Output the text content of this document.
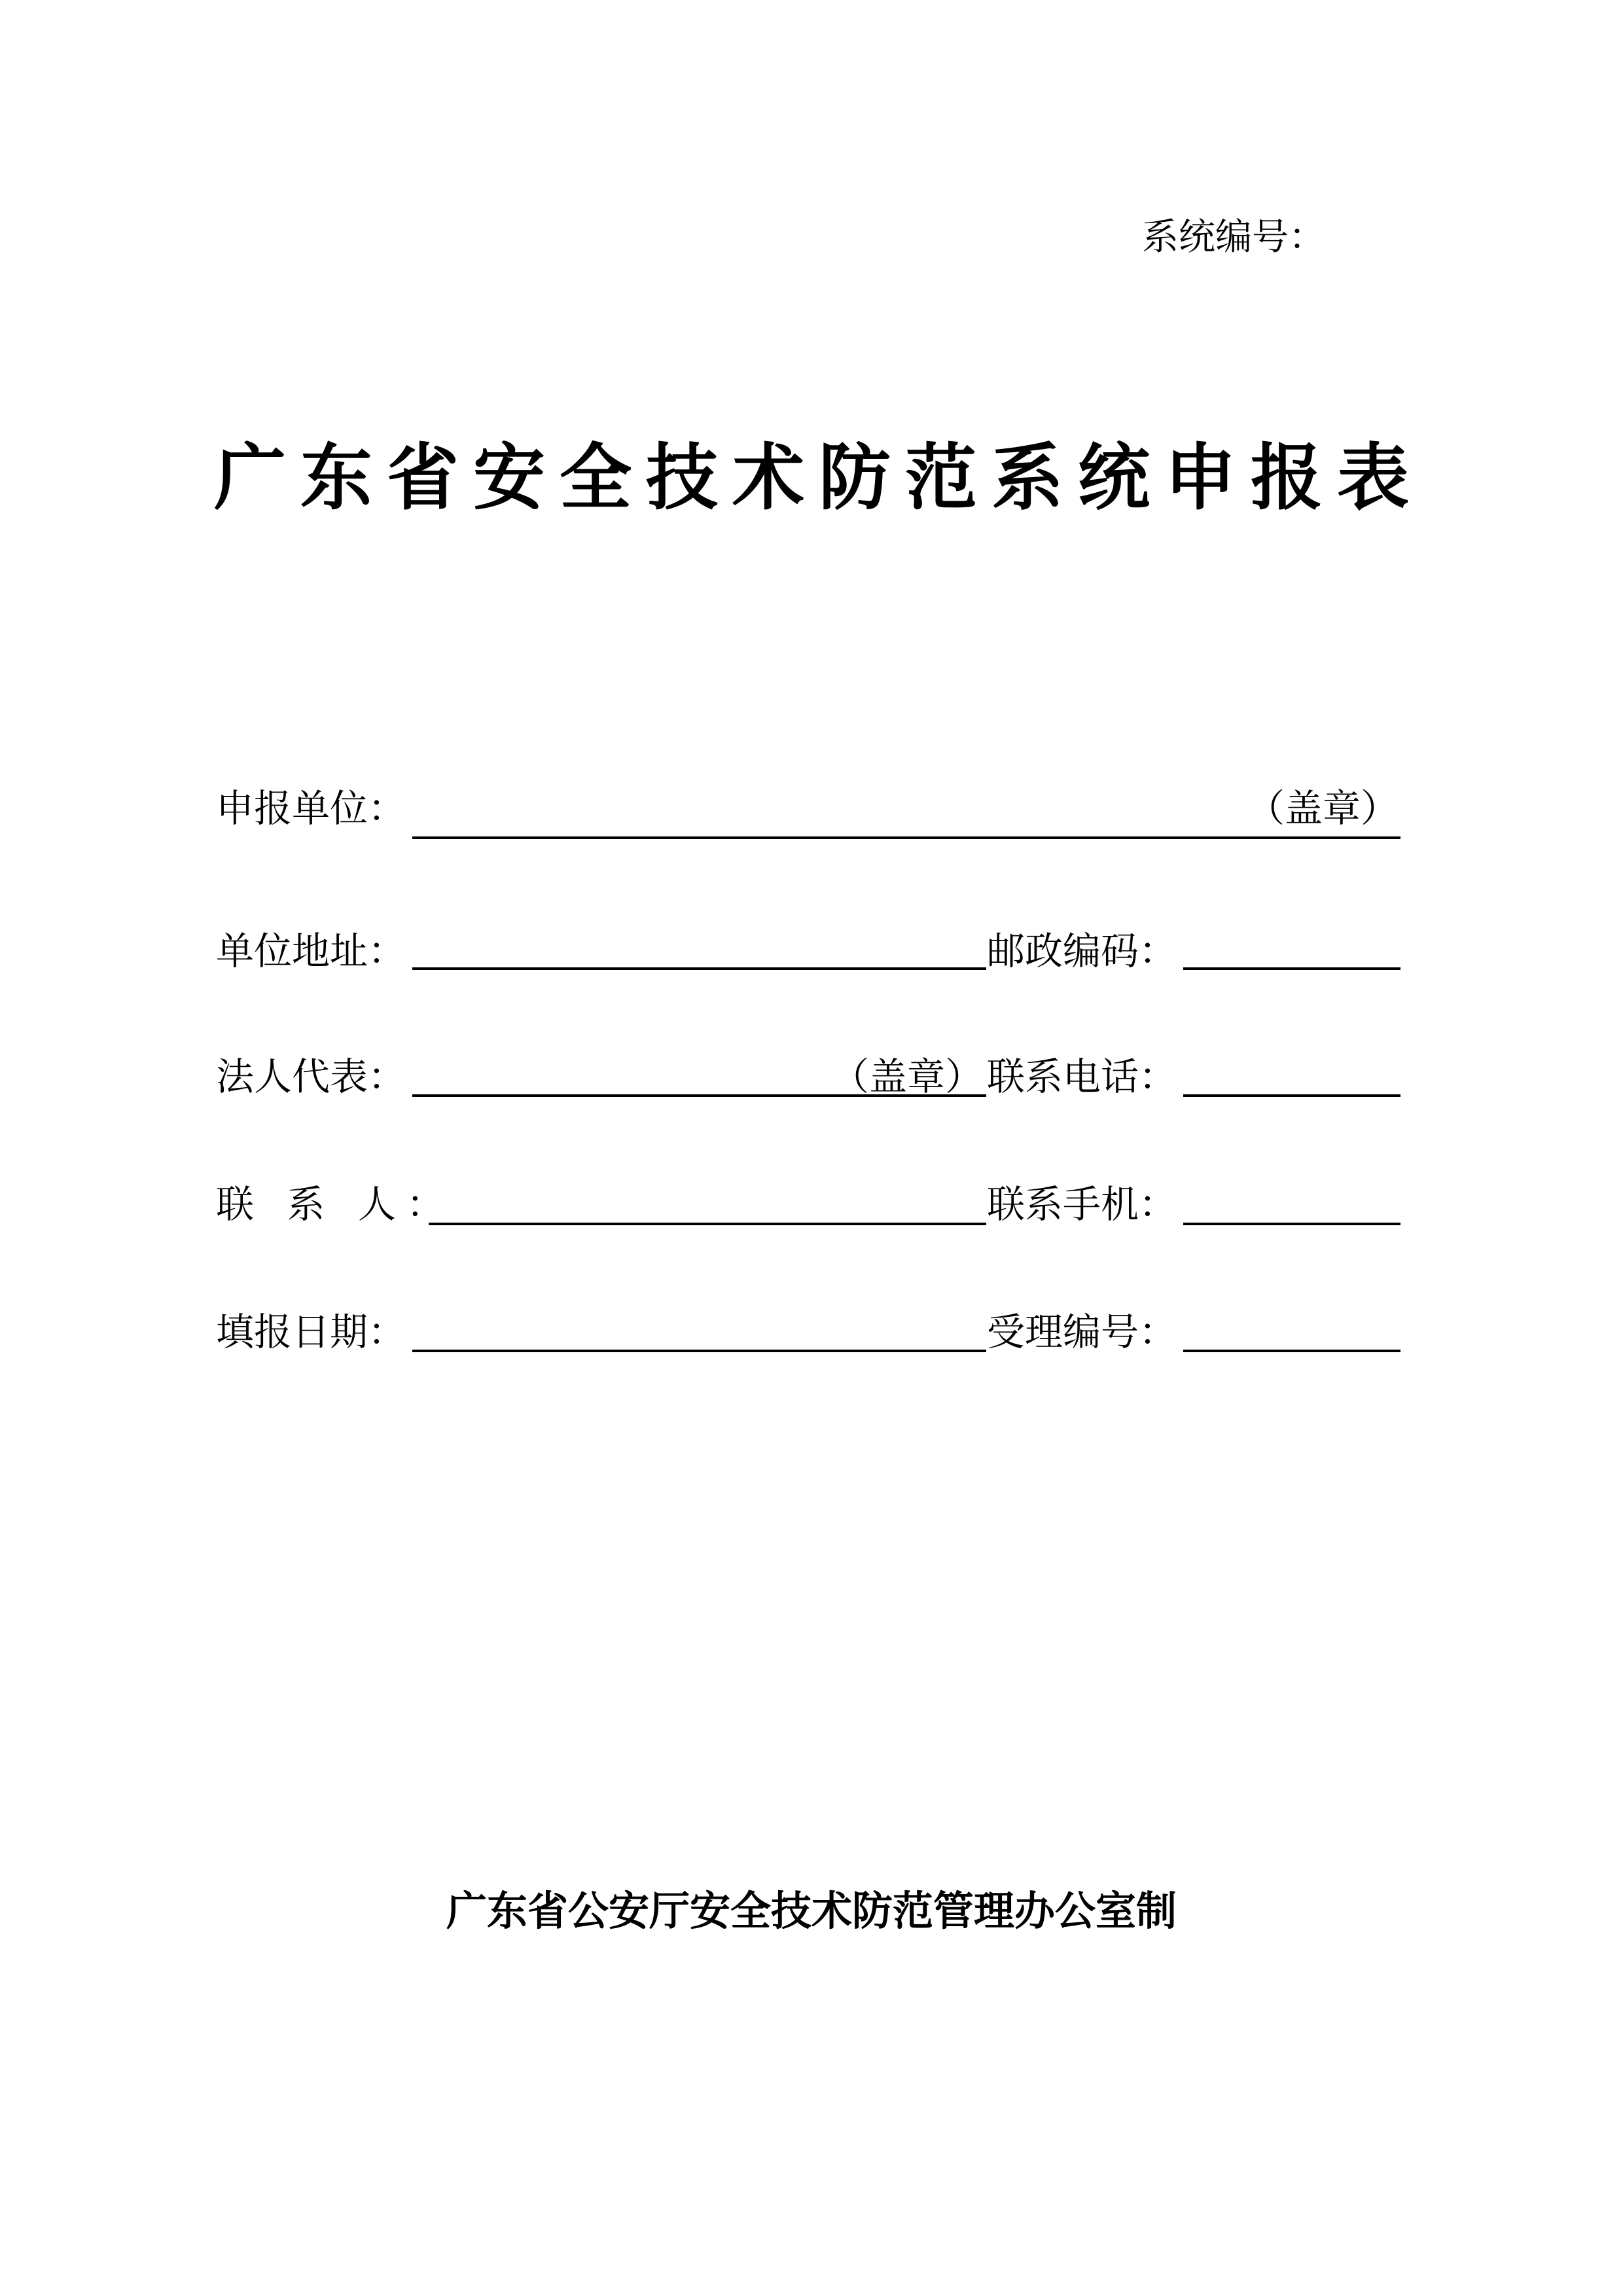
系统编号：
广东省安全技术防范系统申报表
申报单位：	（盖章）
单位地址：	邮政编码：
法人代表：	（盖章） 联系电话：
联 系 人：	联系手机：
填报日期：	受理编号：
广东省公安厅安全技术防范管理办公室制
